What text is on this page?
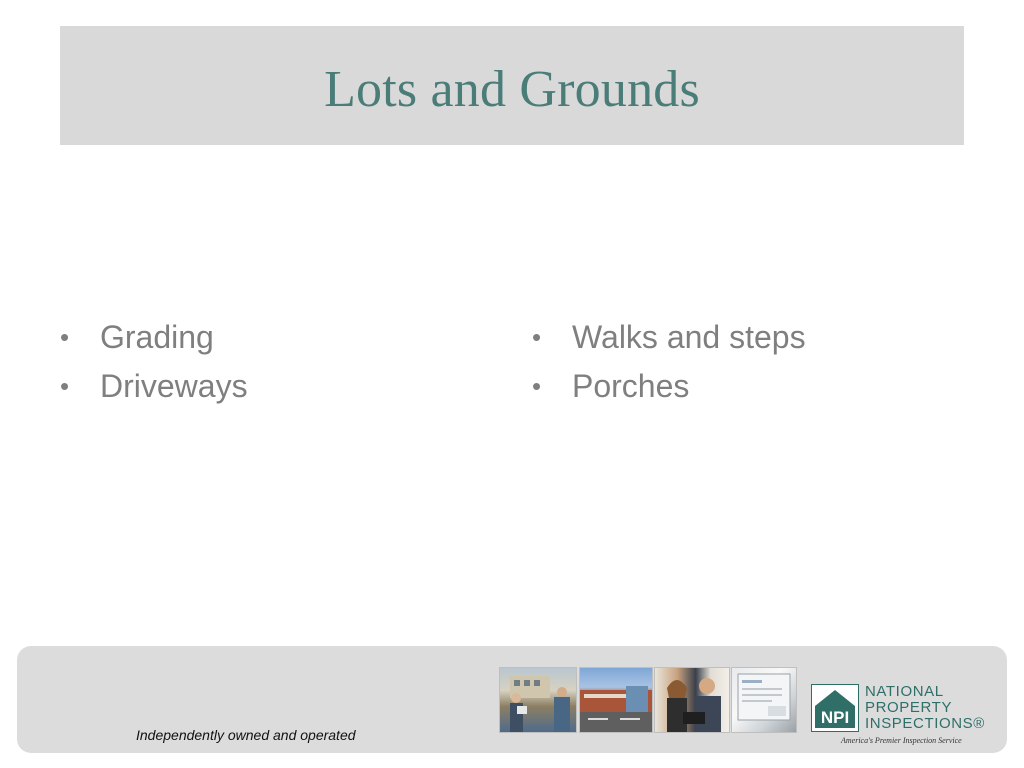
Lots and Grounds
• Grading
• Driveways
• Walks and steps
• Porches
Independently owned and operated
NPI
NATIONAL
PROPERTY
INSPECTIONS®
America's Premier Inspection Service
